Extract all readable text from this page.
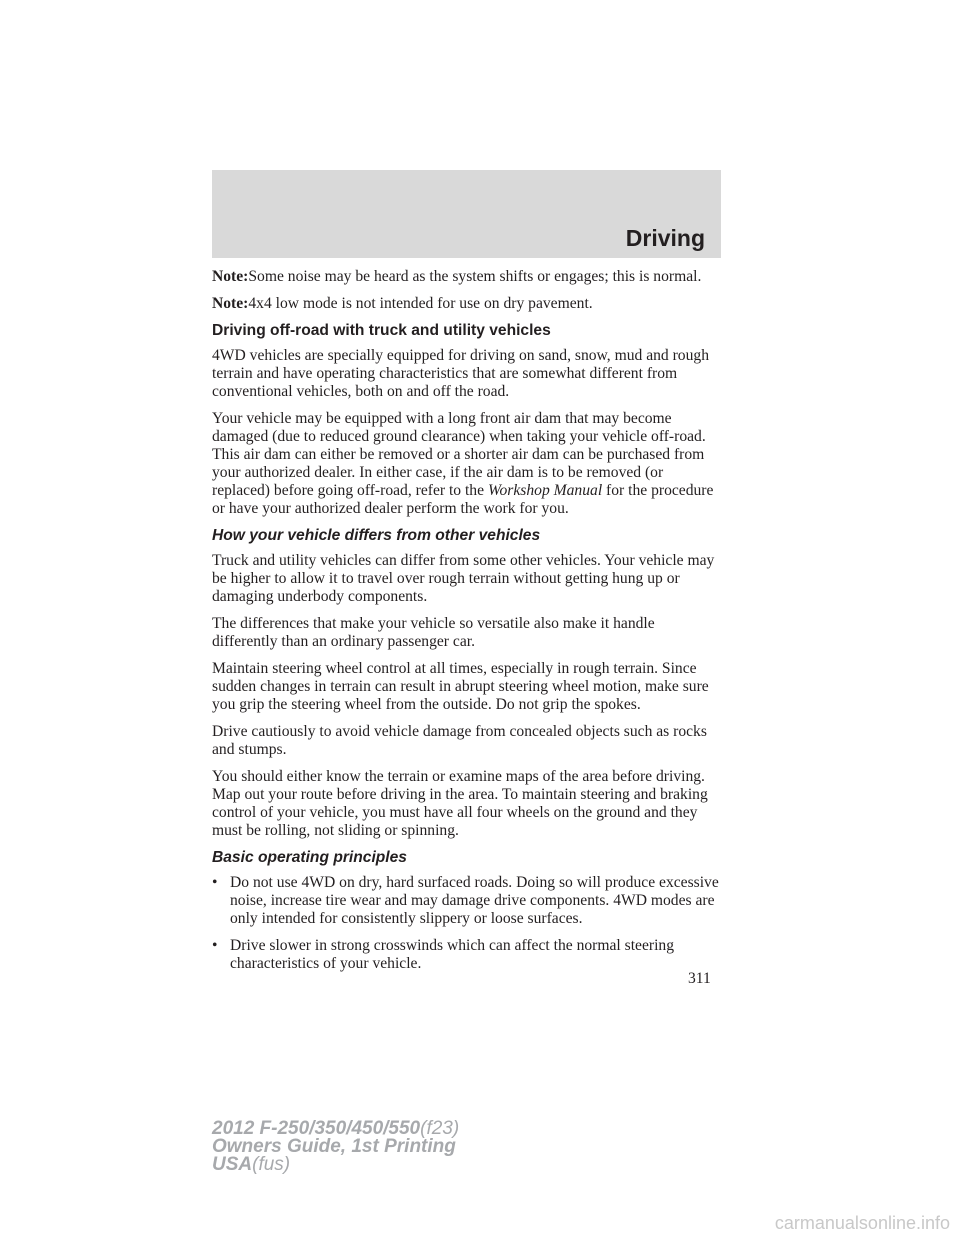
Driving

Note:Some noise may be heard as the system shifts or engages; this is normal.

Note:4x4 low mode is not intended for use on dry pavement.

Driving off-road with truck and utility vehicles

4WD vehicles are specially equipped for driving on sand, snow, mud and rough terrain and have operating characteristics that are somewhat different from conventional vehicles, both on and off the road.

Your vehicle may be equipped with a long front air dam that may become damaged (due to reduced ground clearance) when taking your vehicle off-road. This air dam can either be removed or a shorter air dam can be purchased from your authorized dealer. In either case, if the air dam is to be removed (or replaced) before going off-road, refer to the Workshop Manual for the procedure or have your authorized dealer perform the work for you.

How your vehicle differs from other vehicles

Truck and utility vehicles can differ from some other vehicles. Your vehicle may be higher to allow it to travel over rough terrain without getting hung up or damaging underbody components.

The differences that make your vehicle so versatile also make it handle differently than an ordinary passenger car.

Maintain steering wheel control at all times, especially in rough terrain. Since sudden changes in terrain can result in abrupt steering wheel motion, make sure you grip the steering wheel from the outside. Do not grip the spokes.

Drive cautiously to avoid vehicle damage from concealed objects such as rocks and stumps.

You should either know the terrain or examine maps of the area before driving. Map out your route before driving in the area. To maintain steering and braking control of your vehicle, you must have all four wheels on the ground and they must be rolling, not sliding or spinning.

Basic operating principles
• Do not use 4WD on dry, hard surfaced roads. Doing so will produce excessive noise, increase tire wear and may damage drive components. 4WD modes are only intended for consistently slippery or loose surfaces.
• Drive slower in strong crosswinds which can affect the normal steering characteristics of your vehicle.
311
2012 F-250/350/450/550(f23)
Owners Guide, 1st Printing
USA(fus)
carmanualsonline.info
